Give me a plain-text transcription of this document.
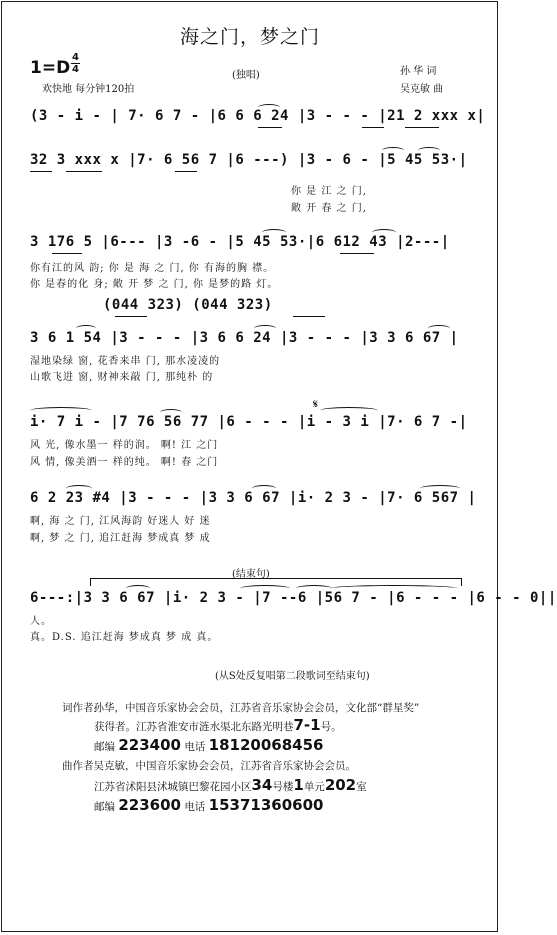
海之门，梦之门
1=D
4
4
欢快地 每分钟120拍
(独唱)	孙 华 词
吴克敏 曲
(3 - i - | 7· 6 7 - |6 6 6 24 |3 - - - |21 2 xxx x|
32 3 xxx x |7· 6 56 7 |6 ---) |3 - 6 - |5 45 53·|
你 是 江 之 门,
敞 开 春 之 门,
3 176 5 |6--- |3 -6 - |5 45 53·|6 612 43 |2---|
你有江的风 韵; 你 是 海 之 门, 你 有海的胸 襟。
你 是春的化 身; 敞 开 梦 之 门, 你 是梦的路 灯。
(044 323) (044 323)
3 6 1 54 |3 - - - |3 6 6 24 |3 - - - |3 3 6 67 |
湿地染绿 窗, 花香来串 门, 那水凌凌的
山歌飞进 窗, 财神来敲 门, 那纯朴 的
𝄋
i· 7 i - |7 76 56 77 |6 - - - |i - 3 i |7· 6 7 -|
风 光, 像水墨一 样的润。 啊! 江 之门
风 情, 像美酒一 样的纯。 啊! 春 之门
6 2 23 #4 |3 - - - |3 3 6 67 |i· 2 3 - |7· 6 567 |
啊, 海 之 门, 江风海韵 好迷人 好 迷
啊, 梦 之 门, 追江赶海 梦成真 梦 成
(结束句)
6---:|3 3 6 67 |i· 2 3 - |7 --6 |56 7 - |6 - - - |6 - - 0||
人。
真。D.S. 追江赶海 梦成真 梦 成 真。
(从S处反复唱第二段歌词至结束句)
词作者孙华，中国音乐家协会会员，江苏省音乐家协会会员，文化部“群星奖”
获得者。江苏省淮安市涟水渠北东路光明巷7-1号。
邮编 223400 电话 18120068456
曲作者吴克敏，中国音乐家协会会员，江苏省音乐家协会会员。
江苏省沭阳县沭城镇巴黎花园小区34号楼1单元202室
邮编 223600 电话 15371360600
